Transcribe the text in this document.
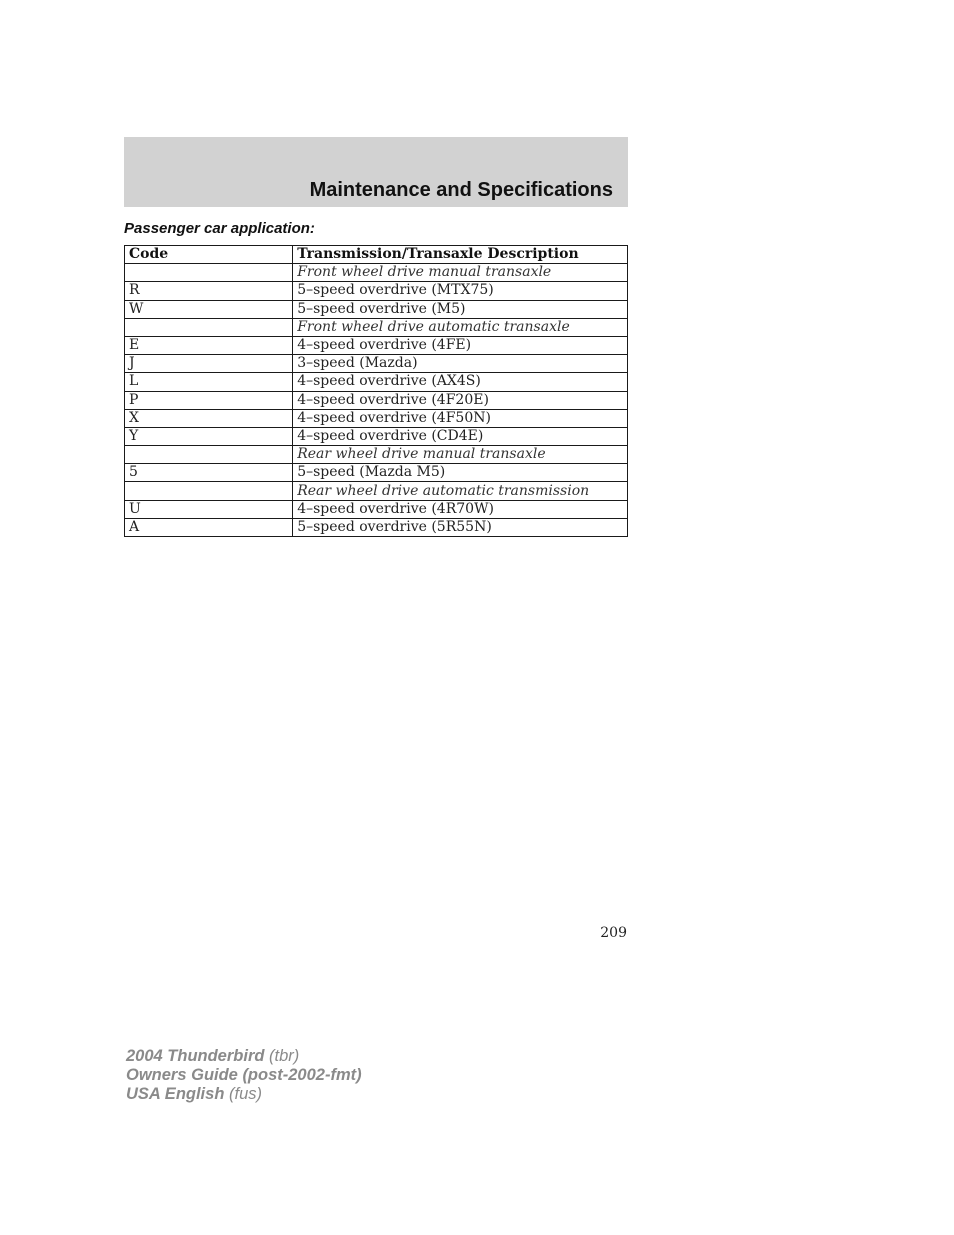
Maintenance and Specifications
Passenger car application:
Code	Transmission/Transaxle Description
	Front wheel drive manual transaxle
R	5–speed overdrive (MTX75)
W	5–speed overdrive (M5)
	Front wheel drive automatic transaxle
E	4–speed overdrive (4FE)
J	3–speed (Mazda)
L	4–speed overdrive (AX4S)
P	4–speed overdrive (4F20E)
X	4–speed overdrive (4F50N)
Y	4–speed overdrive (CD4E)
	Rear wheel drive manual transaxle
5	5–speed (Mazda M5)
	Rear wheel drive automatic transmission
U	4–speed overdrive (4R70W)
A	5–speed overdrive (5R55N)
209
2004 Thunderbird (tbr)
Owners Guide (post-2002-fmt)
USA English (fus)
